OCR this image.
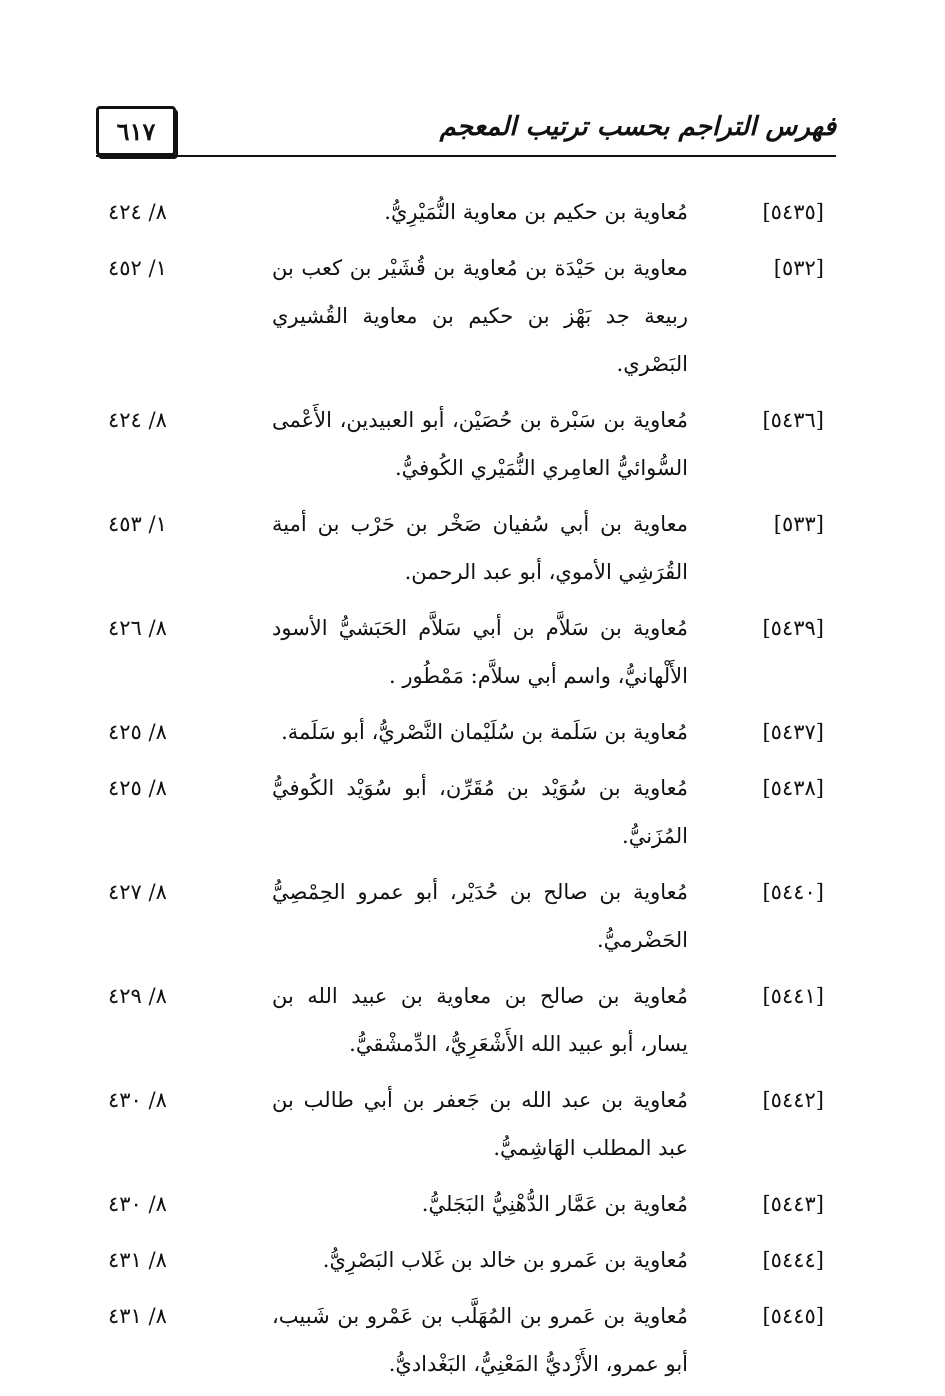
٦١٧	فهرس التراجم بحسب ترتيب المعجم
[٥٤٣٥]
مُعاوية بن حكيم بن معاوية النُّمَيْرِيُّ.
٨/ ٤٢٤
[٥٣٢]
معاوية بن حَيْدَة بن مُعاوية بن قُشَيْر بن كعب بن ربيعة جد بَهْز بن حكيم بن معاوية القُشيري البَصْري.
١/ ٤٥٢
[٥٤٣٦]
مُعاوية بن سَبْرة بن حُصَيْن، أبو العبيدين، الأَعْمى السُّوائيُّ العامِري النُّمَيْري الكُوفيُّ.
٨/ ٤٢٤
[٥٣٣]
معاوية بن أبي سُفيان صَخْر بن حَرْب بن أمية القُرَشِي الأموي، أبو عبد الرحمن.
١/ ٤٥٣
[٥٤٣٩]
مُعاوية بن سَلاَّم بن أبي سَلاَّم الحَبَشيُّ الأسود الأَلْهانيُّ، واسم أبي سلاَّم: مَمْطُور .
٨/ ٤٢٦
[٥٤٣٧]
مُعاوية بن سَلَمة بن سُلَيْمان النَّصْريُّ، أبو سَلَمة.
٨/ ٤٢٥
[٥٤٣٨]
مُعاوية بن سُوَيْد بن مُقَرِّن، أبو سُوَيْد الكُوفيُّ المُزَنيُّ.
٨/ ٤٢٥
[٥٤٤٠]
مُعاوية بن صالح بن حُدَيْر، أبو عمرو الحِمْصِيُّ الحَضْرميُّ.
٨/ ٤٢٧
[٥٤٤١]
مُعاوية بن صالح بن معاوية بن عبيد الله بن يسار، أبو عبيد الله الأَشْعَرِيُّ، الدِّمشْقيُّ.
٨/ ٤٢٩
[٥٤٤٢]
مُعاوية بن عبد الله بن جَعفر بن أبي طالب بن عبد المطلب الهَاشِميُّ.
٨/ ٤٣٠
[٥٤٤٣]
مُعاوية بن عَمَّار الدُّهْنِيُّ البَجَليُّ.
٨/ ٤٣٠
[٥٤٤٤]
مُعاوية بن عَمرو بن خالد بن غَلاب البَصْرِيُّ.
٨/ ٤٣١
[٥٤٤٥]
مُعاوية بن عَمرو بن المُهَلَّب بن عَمْرو بن شَبيب، أبو عمرو، الأَزْديُّ المَعْنِيُّ، البَغْداديُّ.
٨/ ٤٣١
